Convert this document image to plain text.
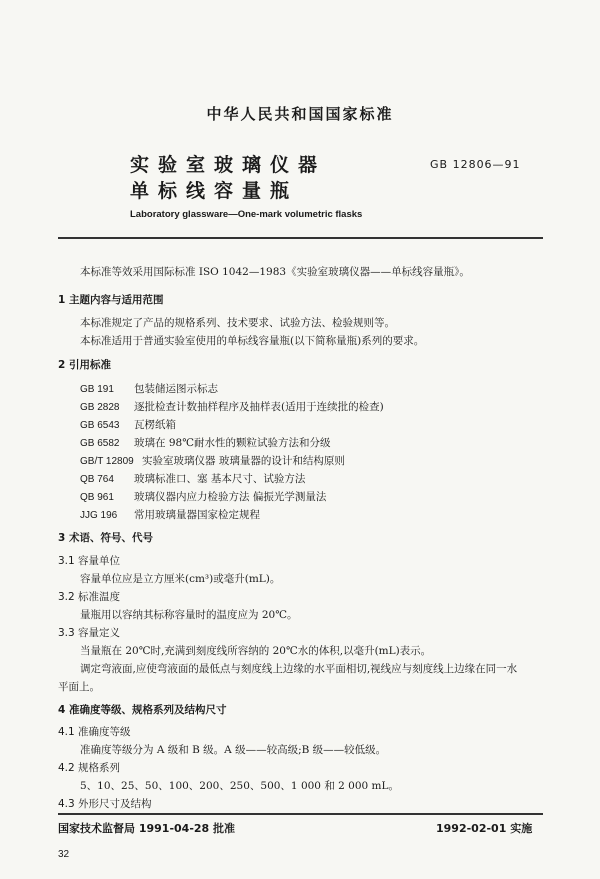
中华人民共和国国家标准
实验室玻璃仪器
单标线容量瓶
GB 12806—91
Laboratory glassware—One-mark volumetric flasks
本标准等效采用国际标准 ISO 1042—1983《实验室玻璃仪器——单标线容量瓶》。
1 主题内容与适用范围
本标准规定了产品的规格系列、技术要求、试验方法、检验规则等。
本标准适用于普通实验室使用的单标线容量瓶(以下简称量瓶)系列的要求。
2 引用标准
GB 191 包装储运图示标志
GB 2828 逐批检查计数抽样程序及抽样表(适用于连续批的检查)
GB 6543 瓦楞纸箱
GB 6582 玻璃在 98℃耐水性的颗粒试验方法和分级
GB/T 12809 实验室玻璃仪器 玻璃量器的设计和结构原则
QB 764 玻璃标准口、塞 基本尺寸、试验方法
QB 961 玻璃仪器内应力检验方法 偏振光学测量法
JJG 196 常用玻璃量器国家检定规程
3 术语、符号、代号
3.1 容量单位
容量单位应是立方厘米(cm³)或毫升(mL)。
3.2 标准温度
量瓶用以容纳其标称容量时的温度应为 20℃。
3.3 容量定义
当量瓶在 20℃时,充满到刻度线所容纳的 20℃水的体积,以毫升(mL)表示。
调定弯液面,应使弯液面的最低点与刻度线上边缘的水平面相切,视线应与刻度线上边缘在同一水
平面上。
4 准确度等级、规格系列及结构尺寸
4.1 准确度等级
准确度等级分为 A 级和 B 级。A 级——较高级;B 级——较低级。
4.2 规格系列
5、10、25、50、100、200、250、500、1 000 和 2 000 mL。
4.3 外形尺寸及结构
国家技术监督局 1991-04-28 批准	1992-02-01 实施
32
